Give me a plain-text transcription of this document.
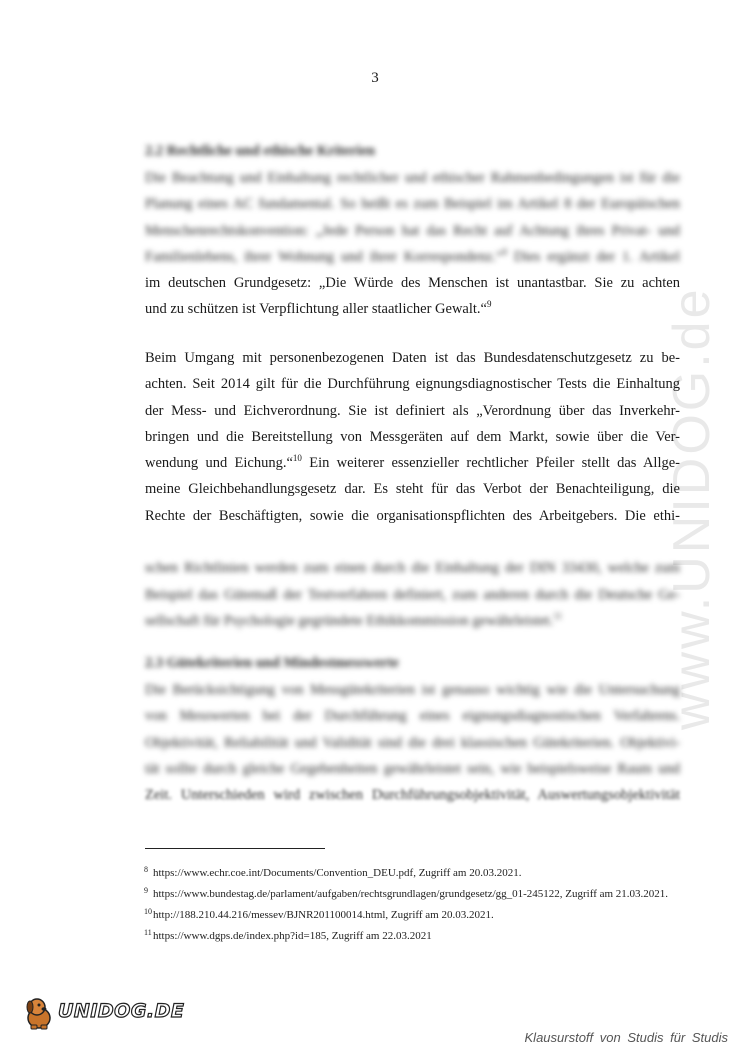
3
www.UNIDOG.de
2.2 Rechtliche und ethische Kriterien
Die Beachtung und Einhaltung rechtlicher und ethischer Rahmenbedingungen ist für die
Planung eines AC fundamental. So heißt es zum Beispiel im Artikel 8 der Europäischen
Menschenrechtskonvention: „Jede Person hat das Recht auf Achtung ihres Privat- und
Familienlebens, ihrer Wohnung und ihrer Korrespondenz.“$^8$ Dies ergänzt der 1. Artikel
im deutschen Grundgesetz: „Die Würde des Menschen ist unantastbar. Sie zu achten
und zu schützen ist Verpflichtung aller staatlicher Gewalt.“$^9$
Beim Umgang mit personenbezogenen Daten ist das Bundesdatenschutzgesetz zu be-
achten. Seit 2014 gilt für die Durchführung eignungsdiagnostischer Tests die Einhaltung
der Mess- und Eichverordnung. Sie ist definiert als „Verordnung über das Inverkehr-
bringen und die Bereitstellung von Messgeräten auf dem Markt, sowie über die Ver-
wendung und Eichung.“$^{10}$ Ein weiterer essenzieller rechtlicher Pfeiler stellt das Allge-
meine Gleichbehandlungsgesetz dar. Es steht für das Verbot der Benachteiligung, die
Rechte der Beschäftigten, sowie die organisationspflichten des Arbeitgebers. Die ethi-
schen Richtlinien werden zum einen durch die Einhaltung der DIN 33430, welche zum
Beispiel das Gütemaß der Testverfahren definiert, zum anderen durch die Deutsche Ge-
sellschaft für Psychologie gegründete Ethikkommission gewährleistet.$^{11}$
2.3 Gütekriterien und Mindestmesswerte
Die Berücksichtigung von Messgütekriterien ist genauso wichtig wie die Untersuchung
von Messwerten bei der Durchführung eines eignungsdiagnostischen Verfahrens.
Objektivität, Reliabilität und Validität sind die drei klassischen Gütekriterien. Objektivi-
tät sollte durch gleiche Gegebenheiten gewährleistet sein, wie beispielsweise Raum und
Zeit. Unterschieden wird zwischen Durchführungsobjektivität, Auswertungsobjektivität
8 https://www.echr.coe.int/Documents/Convention_DEU.pdf, Zugriff am 20.03.2021.
9 https://www.bundestag.de/parlament/aufgaben/rechtsgrundlagen/grundgesetz/gg_01-245122, Zugriff am 21.03.2021.
10 http://188.210.44.216/messev/BJNR201100014.html, Zugriff am 20.03.2021.
11 https://www.dgps.de/index.php?id=185, Zugriff am 22.03.2021
UNIDOG.DE
Klausurstoff von Studis für Studis
